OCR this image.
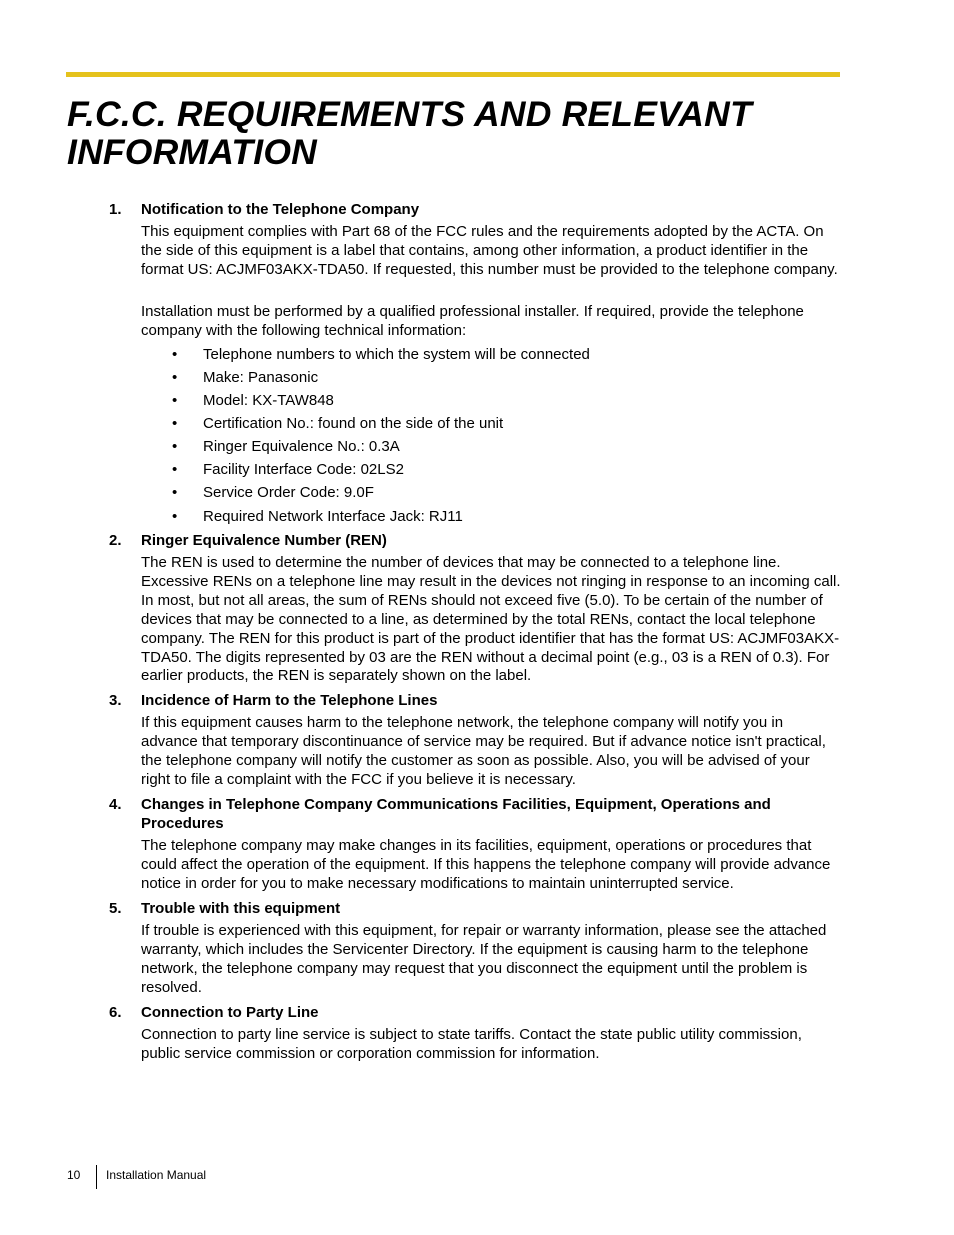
F.C.C. REQUIREMENTS AND RELEVANT INFORMATION
1. Notification to the Telephone Company

This equipment complies with Part 68 of the FCC rules and the requirements adopted by the ACTA. On the side of this equipment is a label that contains, among other information, a product identifier in the format US: ACJMF03AKX-TDA50. If requested, this number must be provided to the telephone company.

Installation must be performed by a qualified professional installer. If required, provide the telephone company with the following technical information:

• Telephone numbers to which the system will be connected
• Make: Panasonic
• Model: KX-TAW848
• Certification No.: found on the side of the unit
• Ringer Equivalence No.: 0.3A
• Facility Interface Code: 02LS2
• Service Order Code: 9.0F
• Required Network Interface Jack: RJ11
2. Ringer Equivalence Number (REN)

The REN is used to determine the number of devices that may be connected to a telephone line. Excessive RENs on a telephone line may result in the devices not ringing in response to an incoming call. In most, but not all areas, the sum of RENs should not exceed five (5.0). To be certain of the number of devices that may be connected to a line, as determined by the total RENs, contact the local telephone company. The REN for this product is part of the product identifier that has the format US: ACJMF03AKX-TDA50. The digits represented by 03 are the REN without a decimal point (e.g., 03 is a REN of 0.3). For earlier products, the REN is separately shown on the label.

3. Incidence of Harm to the Telephone Lines

If this equipment causes harm to the telephone network, the telephone company will notify you in advance that temporary discontinuance of service may be required. But if advance notice isn't practical, the telephone company will notify the customer as soon as possible. Also, you will be advised of your right to file a complaint with the FCC if you believe it is necessary.

4. Changes in Telephone Company Communications Facilities, Equipment, Operations and Procedures

The telephone company may make changes in its facilities, equipment, operations or procedures that could affect the operation of the equipment. If this happens the telephone company will provide advance notice in order for you to make necessary modifications to maintain uninterrupted service.

5. Trouble with this equipment

If trouble is experienced with this equipment, for repair or warranty information, please see the attached warranty, which includes the Servicenter Directory. If the equipment is causing harm to the telephone network, the telephone company may request that you disconnect the equipment until the problem is resolved.

6. Connection to Party Line

Connection to party line service is subject to state tariffs. Contact the state public utility commission, public service commission or corporation commission for information.

10 Installation Manual
